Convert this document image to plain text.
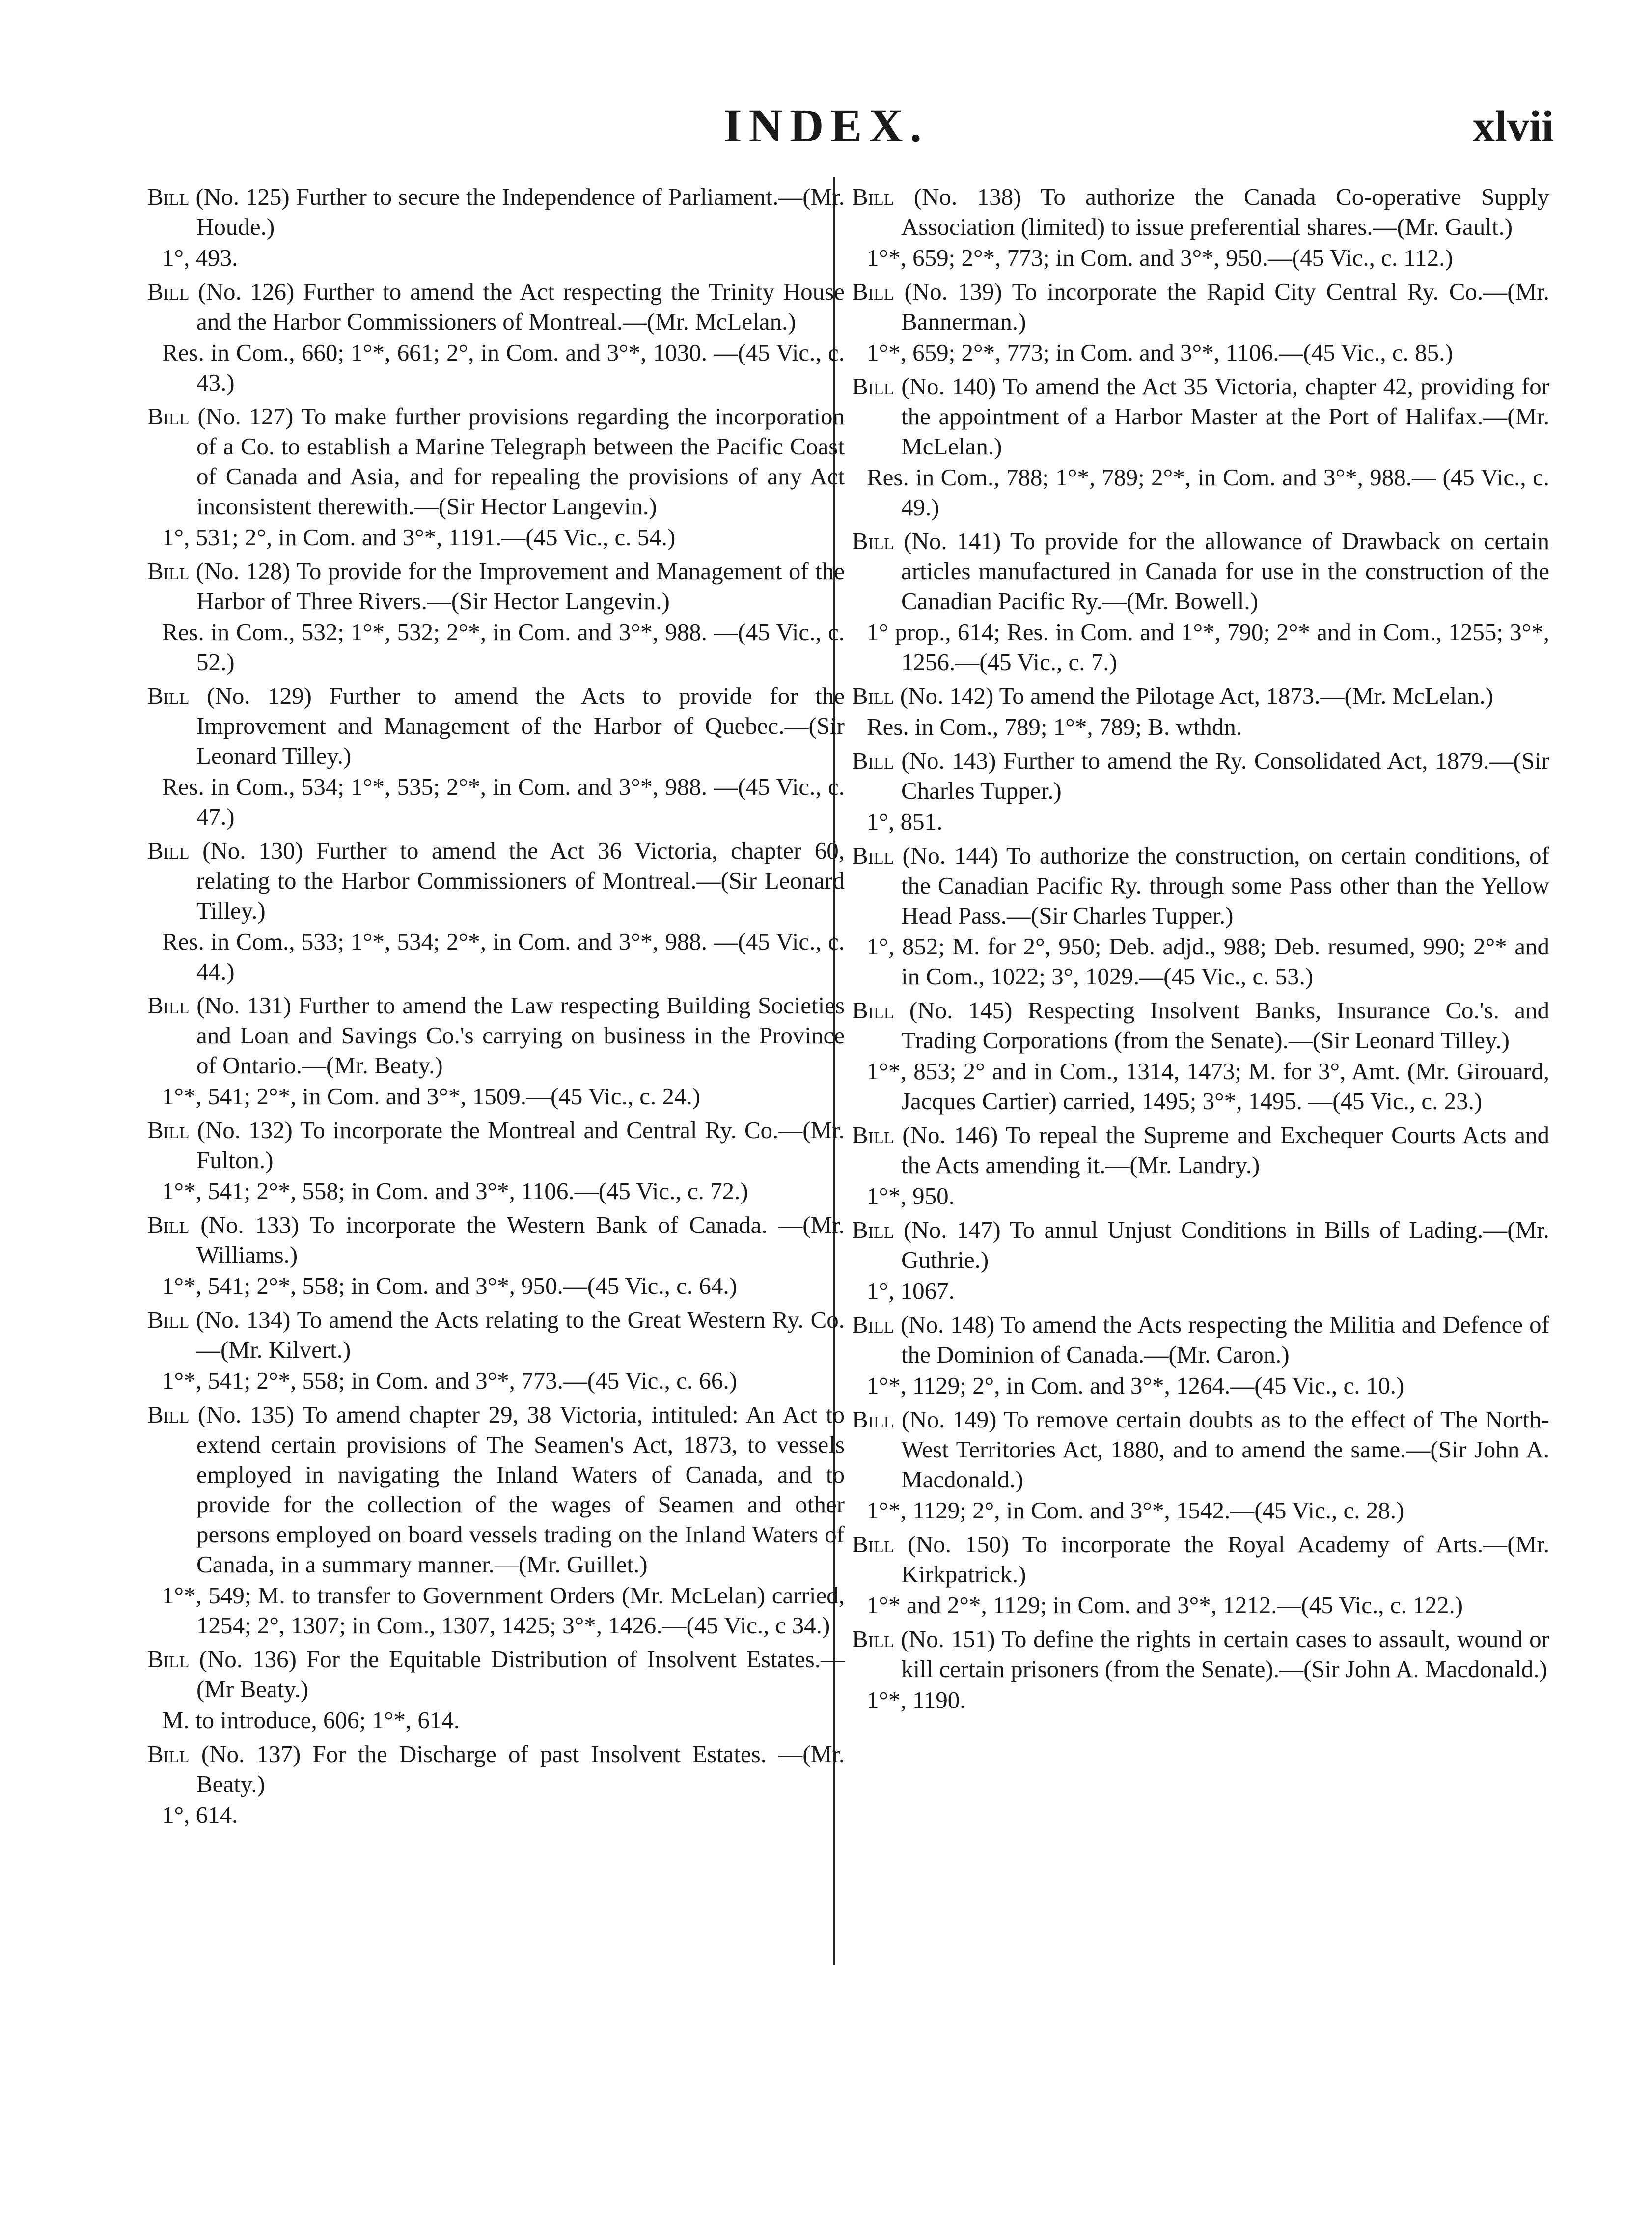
INDEX.	xlvii
Bill (No. 125) Further to secure the Independence of Parliament.—(Mr. Houde.)
1°, 493.
Bill (No. 126) Further to amend the Act respecting the Trinity House and the Harbor Commissioners of Montreal.—(Mr. McLelan.)
Res. in Com., 660; 1°*, 661; 2°, in Com. and 3°*, 1030. —(45 Vic., c. 43.)
Bill (No. 127) To make further provisions regarding the incorporation of a Co. to establish a Marine Telegraph between the Pacific Coast of Canada and Asia, and for repealing the provisions of any Act inconsistent therewith.—(Sir Hector Langevin.)
1°, 531; 2°, in Com. and 3°*, 1191.—(45 Vic., c. 54.)
Bill (No. 128) To provide for the Improvement and Management of the Harbor of Three Rivers.—(Sir Hector Langevin.)
Res. in Com., 532; 1°*, 532; 2°*, in Com. and 3°*, 988. —(45 Vic., c. 52.)
Bill (No. 129) Further to amend the Acts to provide for the Improvement and Management of the Harbor of Quebec.—(Sir Leonard Tilley.)
Res. in Com., 534; 1°*, 535; 2°*, in Com. and 3°*, 988. —(45 Vic., c. 47.)
Bill (No. 130) Further to amend the Act 36 Victoria, chapter 60, relating to the Harbor Commissioners of Montreal.—(Sir Leonard Tilley.)
Res. in Com., 533; 1°*, 534; 2°*, in Com. and 3°*, 988. —(45 Vic., c. 44.)
Bill (No. 131) Further to amend the Law respecting Building Societies and Loan and Savings Co.'s carrying on business in the Province of Ontario.—(Mr. Beaty.)
1°*, 541; 2°*, in Com. and 3°*, 1509.—(45 Vic., c. 24.)
Bill (No. 132) To incorporate the Montreal and Central Ry. Co.—(Mr. Fulton.)
1°*, 541; 2°*, 558; in Com. and 3°*, 1106.—(45 Vic., c. 72.)
Bill (No. 133) To incorporate the Western Bank of Canada. —(Mr. Williams.)
1°*, 541; 2°*, 558; in Com. and 3°*, 950.—(45 Vic., c. 64.)
Bill (No. 134) To amend the Acts relating to the Great Western Ry. Co.—(Mr. Kilvert.)
1°*, 541; 2°*, 558; in Com. and 3°*, 773.—(45 Vic., c. 66.)
Bill (No. 135) To amend chapter 29, 38 Victoria, intituled: An Act to extend certain provisions of The Seamen's Act, 1873, to vessels employed in navigating the Inland Waters of Canada, and to provide for the collection of the wages of Seamen and other persons employed on board vessels trading on the Inland Waters of Canada, in a summary manner.—(Mr. Guillet.)
1°*, 549; M. to transfer to Government Orders (Mr. McLelan) carried, 1254; 2°, 1307; in Com., 1307, 1425; 3°*, 1426.—(45 Vic., c 34.)
Bill (No. 136) For the Equitable Distribution of Insolvent Estates.—(Mr Beaty.)
M. to introduce, 606; 1°*, 614.
Bill (No. 137) For the Discharge of past Insolvent Estates. —(Mr. Beaty.)
1°, 614.
Bill (No. 138) To authorize the Canada Co-operative Supply Association (limited) to issue preferential shares.—(Mr. Gault.)
1°*, 659; 2°*, 773; in Com. and 3°*, 950.—(45 Vic., c. 112.)
Bill (No. 139) To incorporate the Rapid City Central Ry. Co.—(Mr. Bannerman.)
1°*, 659; 2°*, 773; in Com. and 3°*, 1106.—(45 Vic., c. 85.)
Bill (No. 140) To amend the Act 35 Victoria, chapter 42, providing for the appointment of a Harbor Master at the Port of Halifax.—(Mr. McLelan.)
Res. in Com., 788; 1°*, 789; 2°*, in Com. and 3°*, 988.— (45 Vic., c. 49.)
Bill (No. 141) To provide for the allowance of Drawback on certain articles manufactured in Canada for use in the construction of the Canadian Pacific Ry.—(Mr. Bowell.)
1° prop., 614; Res. in Com. and 1°*, 790; 2°* and in Com., 1255; 3°*, 1256.—(45 Vic., c. 7.)
Bill (No. 142) To amend the Pilotage Act, 1873.—(Mr. McLelan.)
Res. in Com., 789; 1°*, 789; B. wthdn.
Bill (No. 143) Further to amend the Ry. Consolidated Act, 1879.—(Sir Charles Tupper.)
1°, 851.
Bill (No. 144) To authorize the construction, on certain conditions, of the Canadian Pacific Ry. through some Pass other than the Yellow Head Pass.—(Sir Charles Tupper.)
1°, 852; M. for 2°, 950; Deb. adjd., 988; Deb. resumed, 990; 2°* and in Com., 1022; 3°, 1029.—(45 Vic., c. 53.)
Bill (No. 145) Respecting Insolvent Banks, Insurance Co.'s. and Trading Corporations (from the Senate).—(Sir Leonard Tilley.)
1°*, 853; 2° and in Com., 1314, 1473; M. for 3°, Amt. (Mr. Girouard, Jacques Cartier) carried, 1495; 3°*, 1495. —(45 Vic., c. 23.)
Bill (No. 146) To repeal the Supreme and Exchequer Courts Acts and the Acts amending it.—(Mr. Landry.)
1°*, 950.
Bill (No. 147) To annul Unjust Conditions in Bills of Lading.—(Mr. Guthrie.)
1°, 1067.
Bill (No. 148) To amend the Acts respecting the Militia and Defence of the Dominion of Canada.—(Mr. Caron.)
1°*, 1129; 2°, in Com. and 3°*, 1264.—(45 Vic., c. 10.)
Bill (No. 149) To remove certain doubts as to the effect of The North-West Territories Act, 1880, and to amend the same.—(Sir John A. Macdonald.)
1°*, 1129; 2°, in Com. and 3°*, 1542.—(45 Vic., c. 28.)
Bill (No. 150) To incorporate the Royal Academy of Arts.—(Mr. Kirkpatrick.)
1°* and 2°*, 1129; in Com. and 3°*, 1212.—(45 Vic., c. 122.)
Bill (No. 151) To define the rights in certain cases to assault, wound or kill certain prisoners (from the Senate).—(Sir John A. Macdonald.)
1°*, 1190.
